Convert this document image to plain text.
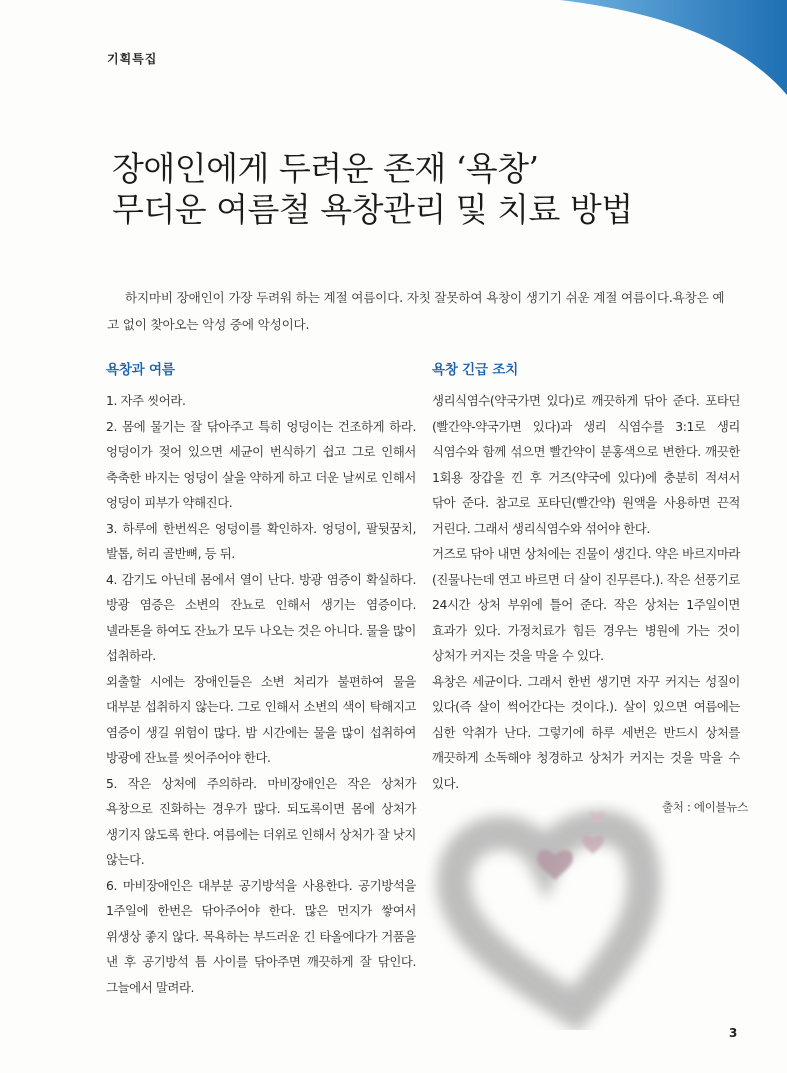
기획특집
장애인에게 두려운 존재 ‘욕창’
무더운 여름철 욕창관리 및 치료 방법

하지마비 장애인이 가장 두려워 하는 계절 여름이다. 자칫 잘못하여 욕창이 생기기 쉬운 계절 여름이다.욕창은 예고 없이 찾아오는 악성 중에 악성이다.

욕창과 여름

1. 자주 씻어라.

2. 몸에 물기는 잘 닦아주고 특히 엉덩이는 건조하게 하라. 엉덩이가 젖어 있으면 세균이 번식하기 쉽고 그로 인해서 축축한 바지는 엉덩이 살을 약하게 하고 더운 날씨로 인해서 엉덩이 피부가 약해진다.

3. 하루에 한번씩은 엉덩이를 확인하자. 엉덩이, 팔뒷꿈치, 발톱, 허리 골반뼈, 등 뒤.

4. 감기도 아닌데 몸에서 열이 난다. 방광 염증이 확실하다. 방광 염증은 소변의 잔뇨로 인해서 생기는 염증이다. 넬라톤을 하여도 잔뇨가 모두 나오는 것은 아니다. 물을 많이 섭취하라.

외출할 시에는 장애인들은 소변 처리가 불편하여 물을 대부분 섭취하지 않는다. 그로 인해서 소변의 색이 탁해지고 염증이 생길 위험이 많다. 밤 시간에는 물을 많이 섭취하여 방광에 잔뇨를 씻어주어야 한다.

5. 작은 상처에 주의하라. 마비장애인은 작은 상처가 욕창으로 진화하는 경우가 많다. 되도록이면 몸에 상처가 생기지 않도록 한다. 여름에는 더위로 인해서 상처가 잘 낫지 않는다.

6. 마비장애인은 대부분 공기방석을 사용한다. 공기방석을 1주일에 한번은 닦아주어야 한다. 많은 먼지가 쌓여서 위생상 좋지 않다. 목욕하는 부드러운 긴 타올에다가 거품을 낸 후 공기방석 틈 사이를 닦아주면 깨끗하게 잘 닦인다. 그늘에서 말려라.

욕창 긴급 조치

생리식염수(약국가면 있다)로 깨끗하게 닦아 준다. 포타딘(빨간약-약국가면 있다)과 생리 식염수를 3:1로 생리 식염수와 함께 섞으면 빨간약이 분홍색으로 변한다. 깨끗한 1회용 장갑을 낀 후 거즈(약국에 있다)에 충분히 적셔서 닦아 준다. 참고로 포타딘(빨간약) 원액을 사용하면 끈적 거린다. 그래서 생리식염수와 섞어야 한다.

거즈로 닦아 내면 상처에는 진물이 생긴다. 약은 바르지마라(진물나는데 연고 바르면 더 살이 진무른다.). 작은 선풍기로 24시간 상처 부위에 틀어 준다. 작은 상처는 1주일이면 효과가 있다. 가정치료가 힘든 경우는 병원에 가는 것이 상처가 커지는 것을 막을 수 있다.

욕창은 세균이다. 그래서 한번 생기면 자꾸 커지는 성질이 있다(즉 살이 썩어간다는 것이다.). 살이 있으면 여름에는 심한 악취가 난다. 그렇기에 하루 세번은 반드시 상처를 깨끗하게 소독해야 청경하고 상처가 커지는 것을 막을 수 있다.

출처 : 에이블뉴스
3
